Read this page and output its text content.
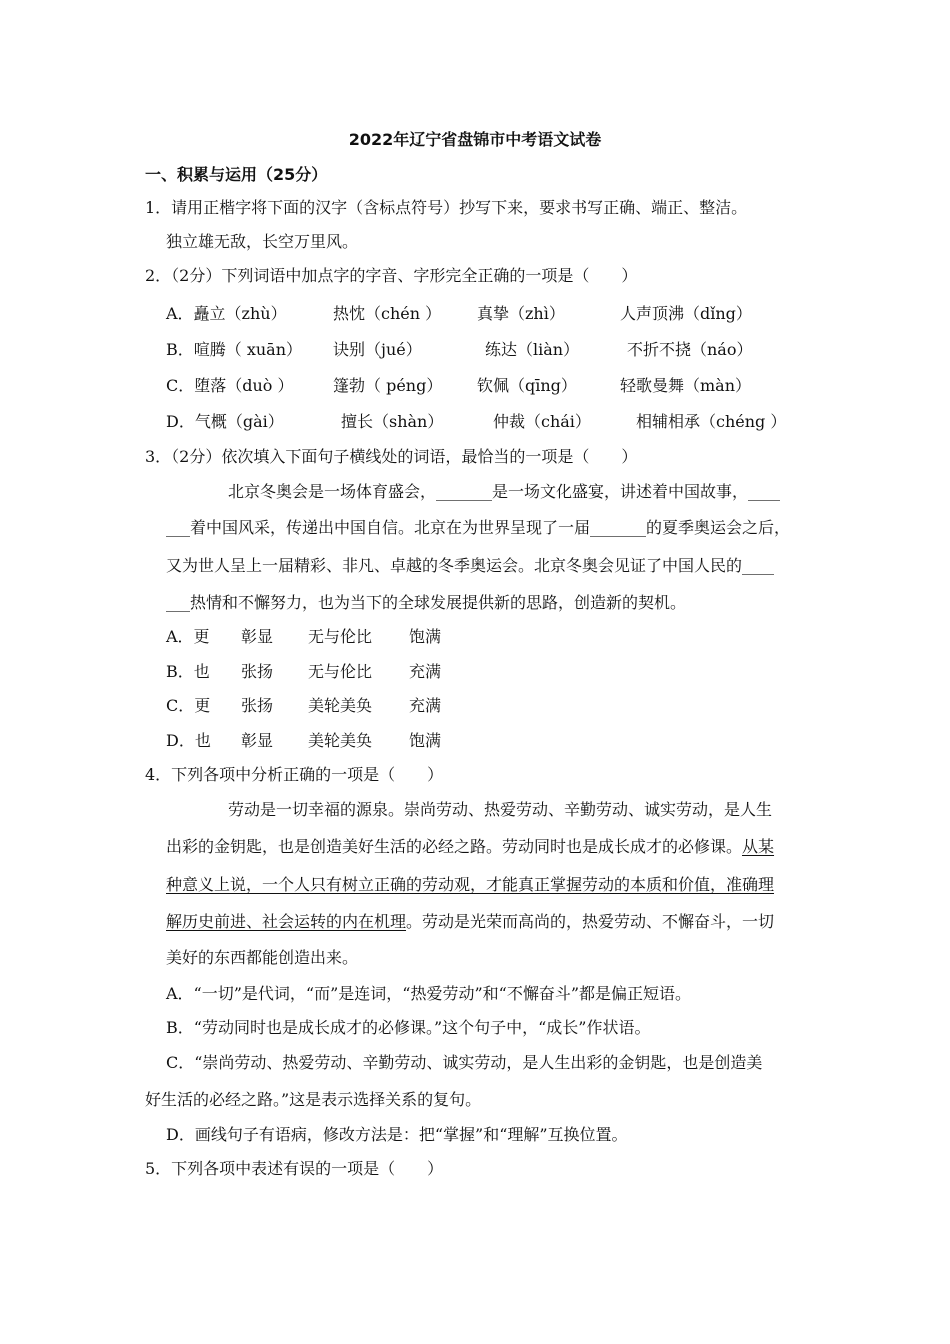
2022年辽宁省盘锦市中考语文试卷
一、积累与运用（25分）
1．请用正楷字将下面的汉字（含标点符号）抄写下来，要求书写正确、端正、整洁。
独立雄无敌，长空万里风。
2．（2分）下列词语中加点字的字音、字形完全正确的一项是（　　）
A．矗立（zhù）	热忱（chén ） 真挚（zhì）	人声顶沸（dǐng）
B．喧腾（ xuān） 诀别（jué）	练达（liàn）	不折不挠（náo）
C．堕落（duò ） 篷勃（ péng） 钦佩（qīng）	轻歌曼舞（màn）
D．气概（gài）	擅长（shàn）	仲裁（chái）	相辅相承（chéng ）
3．（2分）依次填入下面句子横线处的词语，最恰当的一项是（　　）
北京冬奥会是一场体育盛会，_______是一场文化盛宴，讲述着中国故事，____
___着中国风采，传递出中国自信。北京在为世界呈现了一届_______的夏季奥运会之后，
又为世人呈上一届精彩、非凡、卓越的冬季奥运会。北京冬奥会见证了中国人民的____
___热情和不懈努力，也为当下的全球发展提供新的思路，创造新的契机。
A．更 彰显 无与伦比 饱满
B．也 张扬 无与伦比 充满
C．更 张扬 美轮美奂 充满
D．也 彰显 美轮美奂 饱满
4．下列各项中分析正确的一项是（　　）
劳动是一切幸福的源泉。崇尚劳动、热爱劳动、辛勤劳动、诚实劳动，是人生
出彩的金钥匙，也是创造美好生活的必经之路。劳动同时也是成长成才的必修课。从某
种意义上说，一个人只有树立正确的劳动观，才能真正掌握劳动的本质和价值，准确理
解历史前进、社会运转的内在机理。劳动是光荣而高尚的，热爱劳动、不懈奋斗，一切
美好的东西都能创造出来。
A．“一切”是代词，“而”是连词，“热爱劳动”和“不懈奋斗”都是偏正短语。
B．“劳动同时也是成长成才的必修课。”这个句子中，“成长”作状语。
C．“崇尚劳动、热爱劳动、辛勤劳动、诚实劳动，是人生出彩的金钥匙，也是创造美
好生活的必经之路。”这是表示选择关系的复句。
D．画线句子有语病，修改方法是：把“掌握”和“理解”互换位置。
5．下列各项中表述有误的一项是（　　）
